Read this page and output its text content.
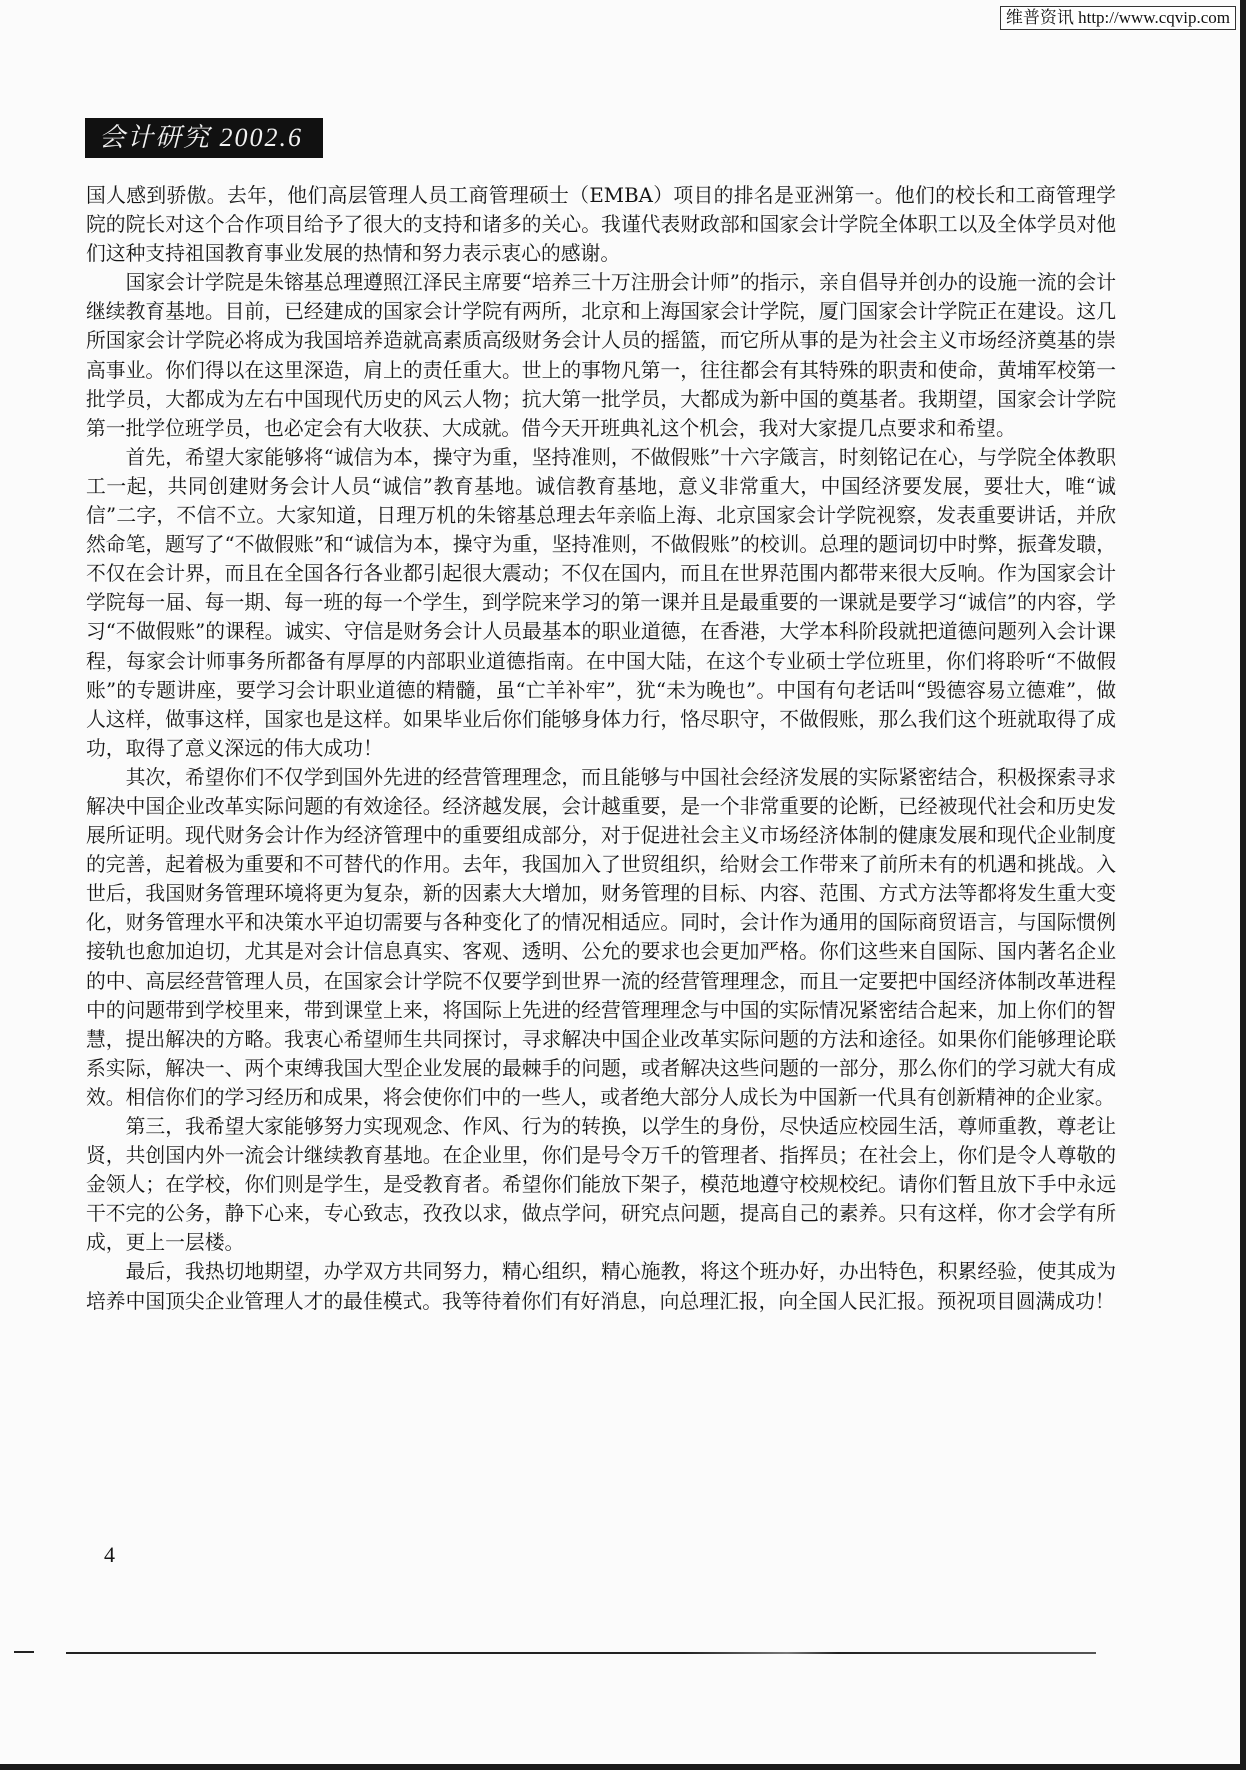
维普资讯 http://www.cqvip.com
会计研究 2002.6

国人感到骄傲。去年，他们高层管理人员工商管理硕士（EMBA）项目的排名是亚洲第一。他们的校长和工商管理学院的院长对这个合作项目给予了很大的支持和诸多的关心。我谨代表财政部和国家会计学院全体职工以及全体学员对他们这种支持祖国教育事业发展的热情和努力表示衷心的感谢。

国家会计学院是朱镕基总理遵照江泽民主席要“培养三十万注册会计师”的指示，亲自倡导并创办的设施一流的会计继续教育基地。目前，已经建成的国家会计学院有两所，北京和上海国家会计学院，厦门国家会计学院正在建设。这几所国家会计学院必将成为我国培养造就高素质高级财务会计人员的摇篮，而它所从事的是为社会主义市场经济奠基的崇高事业。你们得以在这里深造，肩上的责任重大。世上的事物凡第一，往往都会有其特殊的职责和使命，黄埔军校第一批学员，大都成为左右中国现代历史的风云人物；抗大第一批学员，大都成为新中国的奠基者。我期望，国家会计学院第一批学位班学员，也必定会有大收获、大成就。借今天开班典礼这个机会，我对大家提几点要求和希望。

首先，希望大家能够将“诚信为本，操守为重，坚持准则，不做假账”十六字箴言，时刻铭记在心，与学院全体教职工一起，共同创建财务会计人员“诚信”教育基地。诚信教育基地，意义非常重大，中国经济要发展，要壮大，唯“诚信”二字，不信不立。大家知道，日理万机的朱镕基总理去年亲临上海、北京国家会计学院视察，发表重要讲话，并欣然命笔，题写了“不做假账”和“诚信为本，操守为重，坚持准则，不做假账”的校训。总理的题词切中时弊，振聋发聩，不仅在会计界，而且在全国各行各业都引起很大震动；不仅在国内，而且在世界范围内都带来很大反响。作为国家会计学院每一届、每一期、每一班的每一个学生，到学院来学习的第一课并且是最重要的一课就是要学习“诚信”的内容，学习“不做假账”的课程。诚实、守信是财务会计人员最基本的职业道德，在香港，大学本科阶段就把道德问题列入会计课程，每家会计师事务所都备有厚厚的内部职业道德指南。在中国大陆，在这个专业硕士学位班里，你们将聆听“不做假账”的专题讲座，要学习会计职业道德的精髓，虽“亡羊补牢”，犹“未为晚也”。中国有句老话叫“毁德容易立德难”，做人这样，做事这样，国家也是这样。如果毕业后你们能够身体力行，恪尽职守，不做假账，那么我们这个班就取得了成功，取得了意义深远的伟大成功！

其次，希望你们不仅学到国外先进的经营管理理念，而且能够与中国社会经济发展的实际紧密结合，积极探索寻求解决中国企业改革实际问题的有效途径。经济越发展，会计越重要，是一个非常重要的论断，已经被现代社会和历史发展所证明。现代财务会计作为经济管理中的重要组成部分，对于促进社会主义市场经济体制的健康发展和现代企业制度的完善，起着极为重要和不可替代的作用。去年，我国加入了世贸组织，给财会工作带来了前所未有的机遇和挑战。入世后，我国财务管理环境将更为复杂，新的因素大大增加，财务管理的目标、内容、范围、方式方法等都将发生重大变化，财务管理水平和决策水平迫切需要与各种变化了的情况相适应。同时，会计作为通用的国际商贸语言，与国际惯例接轨也愈加迫切，尤其是对会计信息真实、客观、透明、公允的要求也会更加严格。你们这些来自国际、国内著名企业的中、高层经营管理人员，在国家会计学院不仅要学到世界一流的经营管理理念，而且一定要把中国经济体制改革进程中的问题带到学校里来，带到课堂上来，将国际上先进的经营管理理念与中国的实际情况紧密结合起来，加上你们的智慧，提出解决的方略。我衷心希望师生共同探讨，寻求解决中国企业改革实际问题的方法和途径。如果你们能够理论联系实际，解决一、两个束缚我国大型企业发展的最棘手的问题，或者解决这些问题的一部分，那么你们的学习就大有成效。相信你们的学习经历和成果，将会使你们中的一些人，或者绝大部分人成长为中国新一代具有创新精神的企业家。

第三，我希望大家能够努力实现观念、作风、行为的转换，以学生的身份，尽快适应校园生活，尊师重教，尊老让贤，共创国内外一流会计继续教育基地。在企业里，你们是号令万千的管理者、指挥员；在社会上，你们是令人尊敬的金领人；在学校，你们则是学生，是受教育者。希望你们能放下架子，模范地遵守校规校纪。请你们暂且放下手中永远干不完的公务，静下心来，专心致志，孜孜以求，做点学问，研究点问题，提高自己的素养。只有这样，你才会学有所成，更上一层楼。

最后，我热切地期望，办学双方共同努力，精心组织，精心施教，将这个班办好，办出特色，积累经验，使其成为培养中国顶尖企业管理人才的最佳模式。我等待着你们有好消息，向总理汇报，向全国人民汇报。预祝项目圆满成功！

4
